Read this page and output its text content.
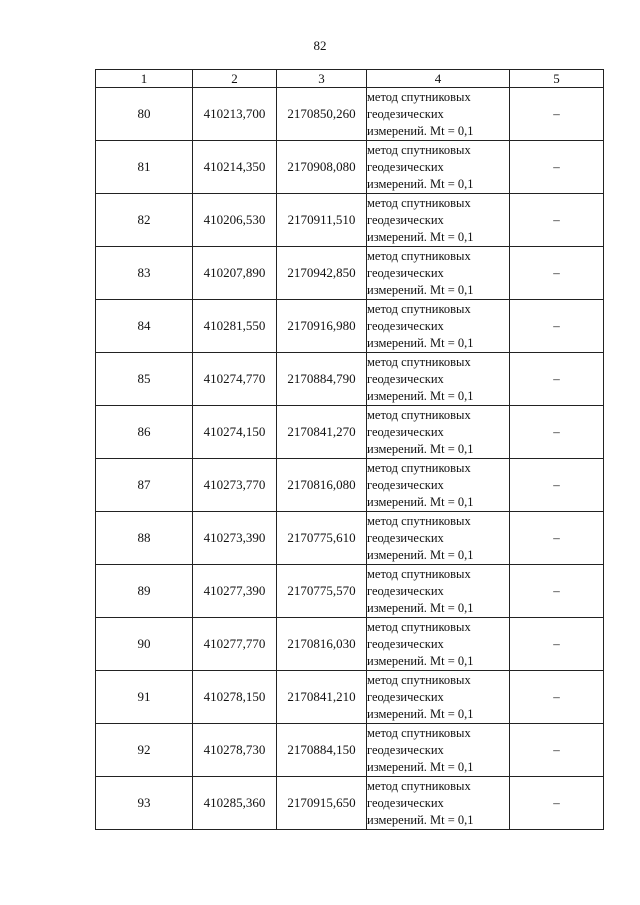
82
1	2	3	4	5
80	410213,700	2170850,260	метод спутниковых
геодезических
измерений. Mt = 0,1	–
81	410214,350	2170908,080	метод спутниковых
геодезических
измерений. Mt = 0,1	–
82	410206,530	2170911,510	метод спутниковых
геодезических
измерений. Mt = 0,1	–
83	410207,890	2170942,850	метод спутниковых
геодезических
измерений. Mt = 0,1	–
84	410281,550	2170916,980	метод спутниковых
геодезических
измерений. Mt = 0,1	–
85	410274,770	2170884,790	метод спутниковых
геодезических
измерений. Mt = 0,1	–
86	410274,150	2170841,270	метод спутниковых
геодезических
измерений. Mt = 0,1	–
87	410273,770	2170816,080	метод спутниковых
геодезических
измерений. Mt = 0,1	–
88	410273,390	2170775,610	метод спутниковых
геодезических
измерений. Mt = 0,1	–
89	410277,390	2170775,570	метод спутниковых
геодезических
измерений. Mt = 0,1	–
90	410277,770	2170816,030	метод спутниковых
геодезических
измерений. Mt = 0,1	–
91	410278,150	2170841,210	метод спутниковых
геодезических
измерений. Mt = 0,1	–
92	410278,730	2170884,150	метод спутниковых
геодезических
измерений. Mt = 0,1	–
93	410285,360	2170915,650	метод спутниковых
геодезических
измерений. Mt = 0,1	–
